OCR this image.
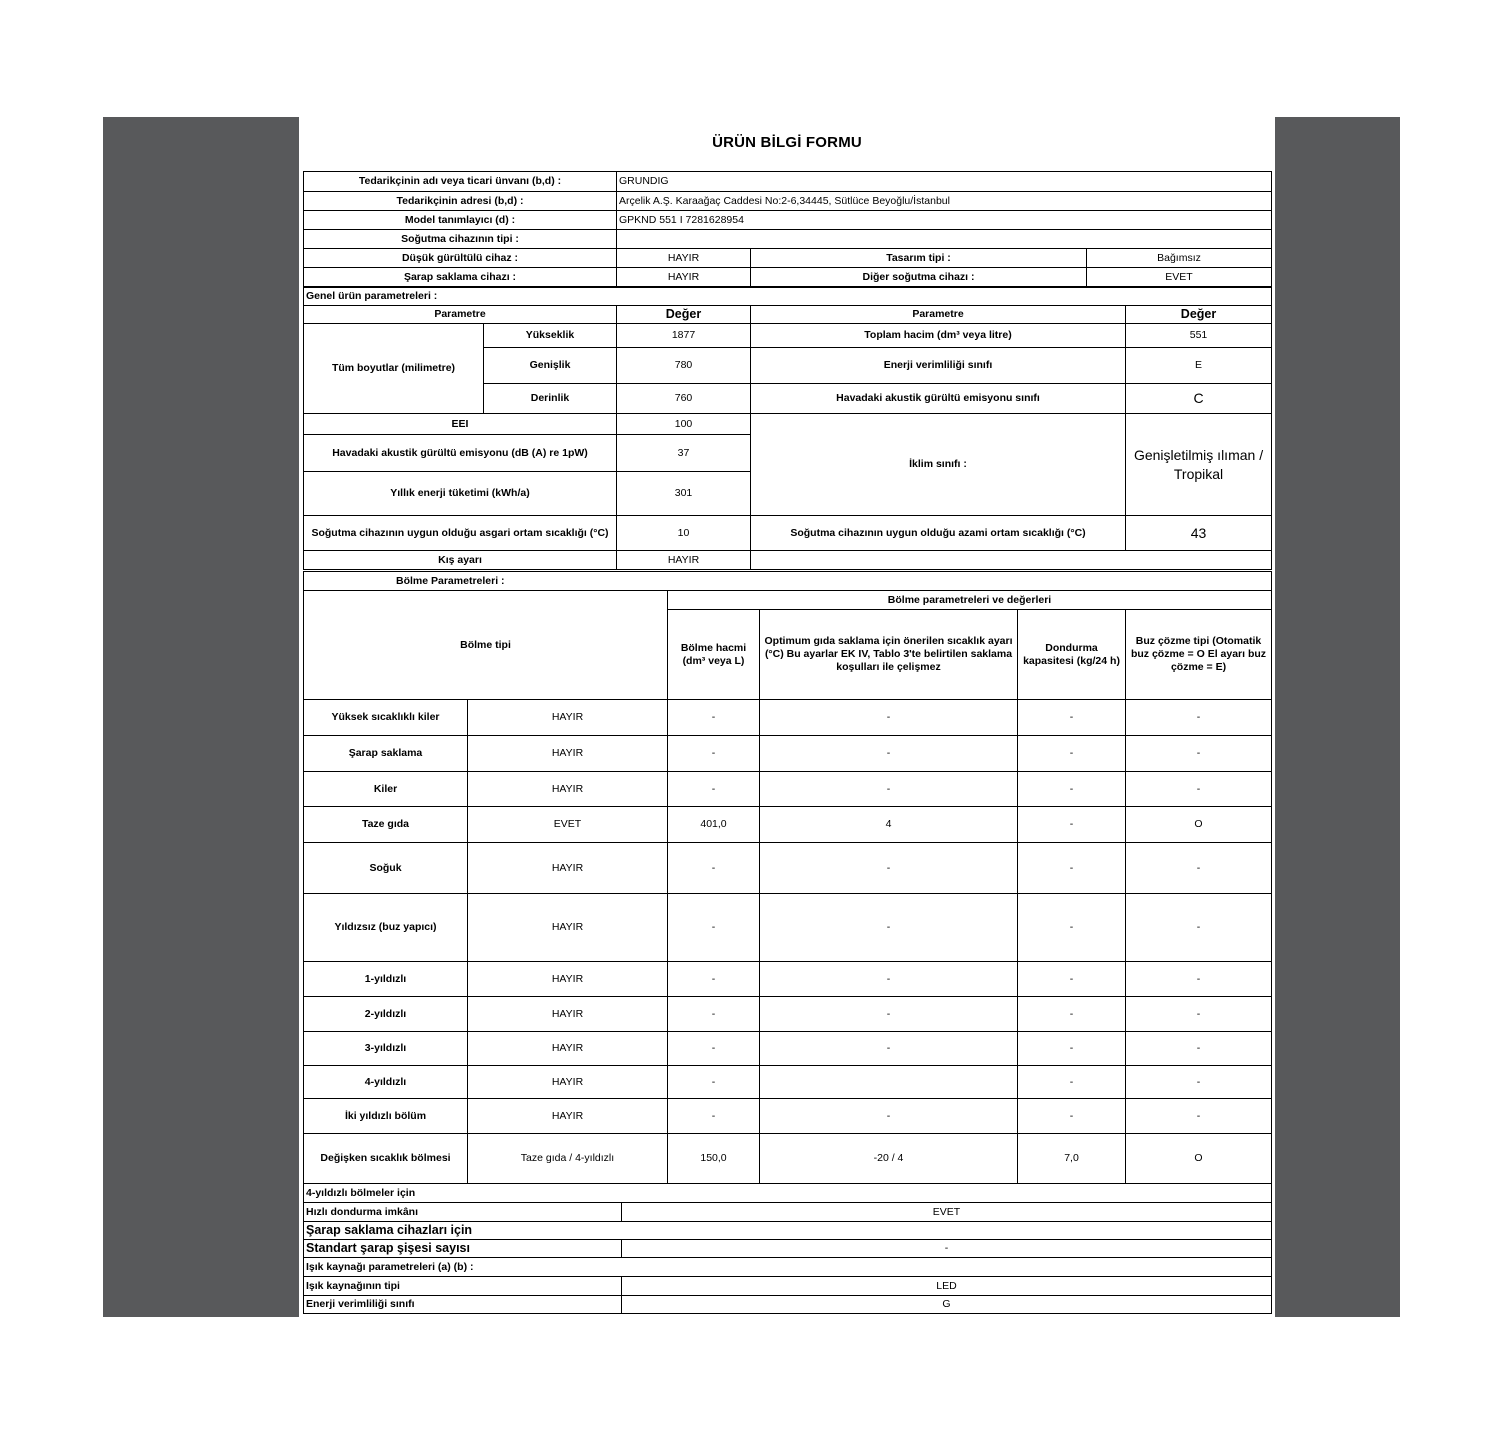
ÜRÜN BİLGİ FORMU
Tedarikçinin adı veya ticari ünvanı (b,d) :	GRUNDIG		
Tedarikçinin adresi (b,d) :	Arçelik A.Ş. Karaağaç Caddesi No:2-6,34445, Sütlüce Beyoğlu/İstanbul		
Model tanımlayıcı (d) :	GPKND 551 I 7281628954		
Soğutma cihazının tipi :			
Düşük gürültülü cihaz :	HAYIR	Tasarım tipi :	Bağımsız
Şarap saklama cihazı :	HAYIR	Diğer soğutma cihazı :	EVET
Genel ürün parametreleri :				
Parametre		Değer	Parametre	Değer
Tüm boyutlar (milimetre)	Yükseklik	1877	Toplam hacim (dm³ veya litre)	551
	Genişlik	780	Enerji verimliliği sınıfı	E
	Derinlik	760	Havadaki akustik gürültü emisyonu sınıfı	C
EEI		100	İklim sınıfı :	Genişletilmiş ılıman / Tropikal
Havadaki akustik gürültü emisyonu (dB (A) re 1pW)		37		
Yıllık enerji tüketimi (kWh/a)		301		
Soğutma cihazının uygun olduğu asgari ortam sıcaklığı (°C)		10	Soğutma cihazının uygun olduğu azami ortam sıcaklığı (°C)	43
Kış ayarı		HAYIR		
Bölme Parametreleri :					
Bölme tipi		Bölme parametreleri ve değerleri			
		Bölme hacmi (dm³ veya L)	Optimum gıda saklama için önerilen sıcaklık ayarı (°C) Bu ayarlar EK IV, Tablo 3'te belirtilen saklama koşulları ile çelişmez	Dondurma kapasitesi (kg/24 h)	Buz çözme tipi (Otomatik buz çözme = O El ayarı buz çözme = E)
Yüksek sıcaklıklı kiler	HAYIR	-	-	-	-
Şarap saklama	HAYIR	-	-	-	-
Kiler	HAYIR	-	-	-	-
Taze gıda	EVET	401,0	4	-	O
Soğuk	HAYIR	-	-	-	-
Yıldızsız (buz yapıcı)	HAYIR	-	-	-	-
1-yıldızlı	HAYIR	-	-	-	-
2-yıldızlı	HAYIR	-	-	-	-
3-yıldızlı	HAYIR	-	-	-	-
4-yıldızlı	HAYIR	-		-	-
İki yıldızlı bölüm	HAYIR	-	-	-	-
Değişken sıcaklık bölmesi	Taze gıda / 4-yıldızlı	150,0	-20 / 4	7,0	O
4-yıldızlı bölmeler için	
Hızlı dondurma imkânı	EVET
Şarap saklama cihazları için	
Standart şarap şişesi sayısı	-
Işık kaynağı parametreleri (a) (b) :	
Işık kaynağının tipi	LED
Enerji verimliliği sınıfı	G
